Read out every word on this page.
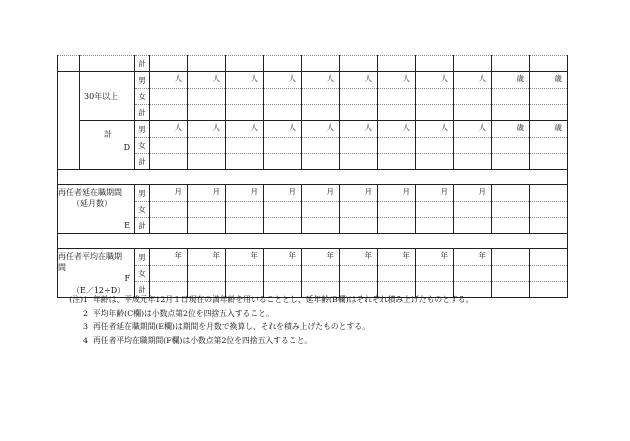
		計											
	30年以上	男	人	人	人	人	人	人	人	人	人	歳	歳
		女											
		計											

	計
D	男	人	人	人	人	人	人	人	人	人	歳	歳
		女											
		計											

再任者延在職期間
（延月数）
E		男	月	月	月	月	月	月	月	月	月		
		女											
		計											

再任者平均在職期
間
F
（E／12÷D）		男	年	年	年	年	年	年	年	年	年		
		女											
		計											
(注)1 年齢は、平成元年12月１日現在の満年齢を用いることとし、延年齢(B欄)はそれぞれ積み上げたものとする。
2 平均年齢(C欄)は小数点第2位を四捨五入すること。
3 再任者延在職期間(E欄)は期間を月数で換算し、それを積み上げたものとする。
4 再任者平均在職期間(F欄)は小数点第2位を四捨五入すること。
